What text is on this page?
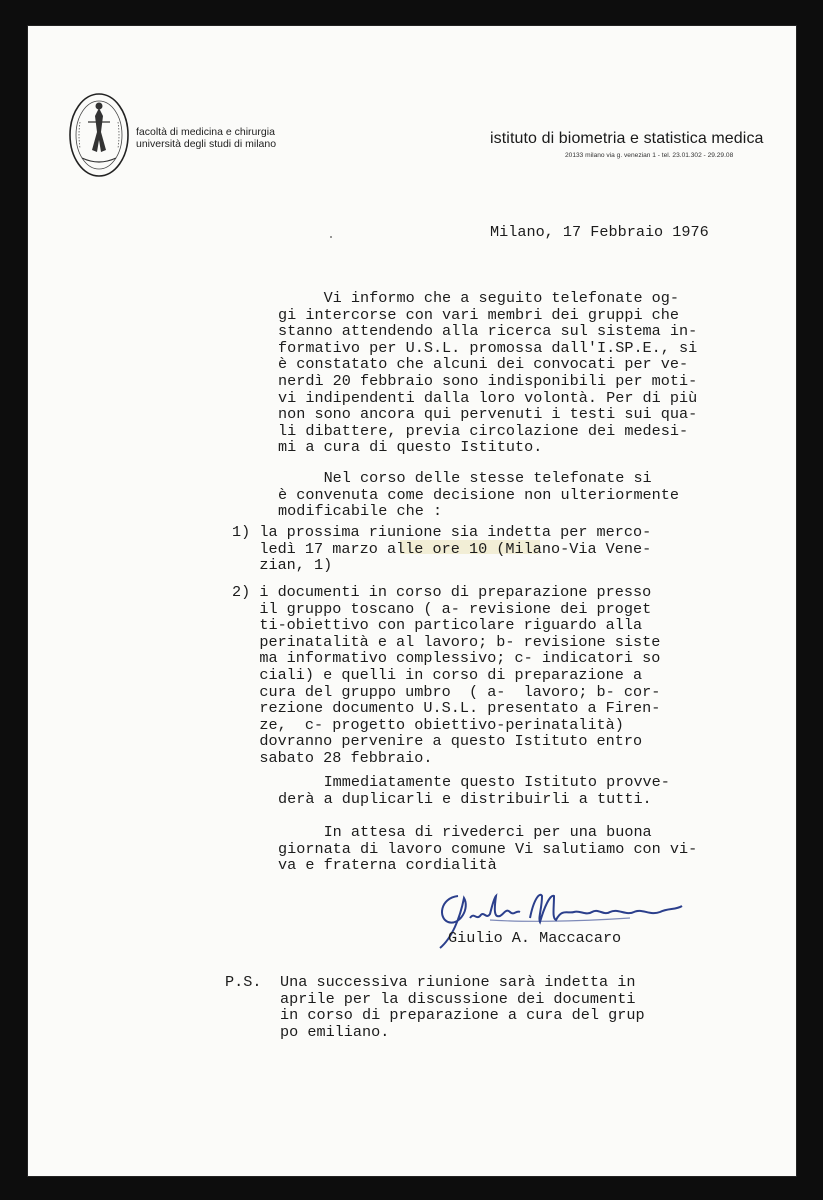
facoltà di medicina e chirurgia
università degli studi di milano	istituto di biometria e statistica medica
20133 milano via g. venezian 1 - tel. 23.01.302 - 29.29.08
Milano, 17 Febbraio 1976
Vi informo che a seguito telefonate og-
gi intercorse con vari membri dei gruppi che
stanno attendendo alla ricerca sul sistema in-
formativo per U.S.L. promossa dall'I.SP.E., si
è constatato che alcuni dei convocati per ve-
nerdì 20 febbraio sono indisponibili per moti-
vi indipendenti dalla loro volontà. Per di più
non sono ancora qui pervenuti i testi sui qua-
li dibattere, previa circolazione dei medesi-
mi a cura di questo Istituto.
Nel corso delle stesse telefonate si
è convenuta come decisione non ulteriormente
modificabile che :
1) la prossima riunione sia indetta per merco-
ledì 17 marzo alle ore 10 (Milano-Via Vene-
zian, 1)
2) i documenti in corso di preparazione presso
il gruppo toscano ( a- revisione dei proget
ti-obiettivo con particolare riguardo alla
perinatalità e al lavoro; b- revisione siste
ma informativo complessivo; c- indicatori so
ciali) e quelli in corso di preparazione a
cura del gruppo umbro  ( a-  lavoro; b- cor-
rezione documento U.S.L. presentato a Firen-
ze,  c- progetto obiettivo-perinatalità)
dovranno pervenire a questo Istituto entro
sabato 28 febbraio.
Immediatamente questo Istituto provve-
derà a duplicarli e distribuirli a tutti.
In attesa di rivederci per una buona
giornata di lavoro comune Vi salutiamo con vi-
va e fraterna cordialità
Giulio A. Maccacaro
P.S. Una successiva riunione sarà indetta in
aprile per la discussione dei documenti
in corso di preparazione a cura del grup
po emiliano.
